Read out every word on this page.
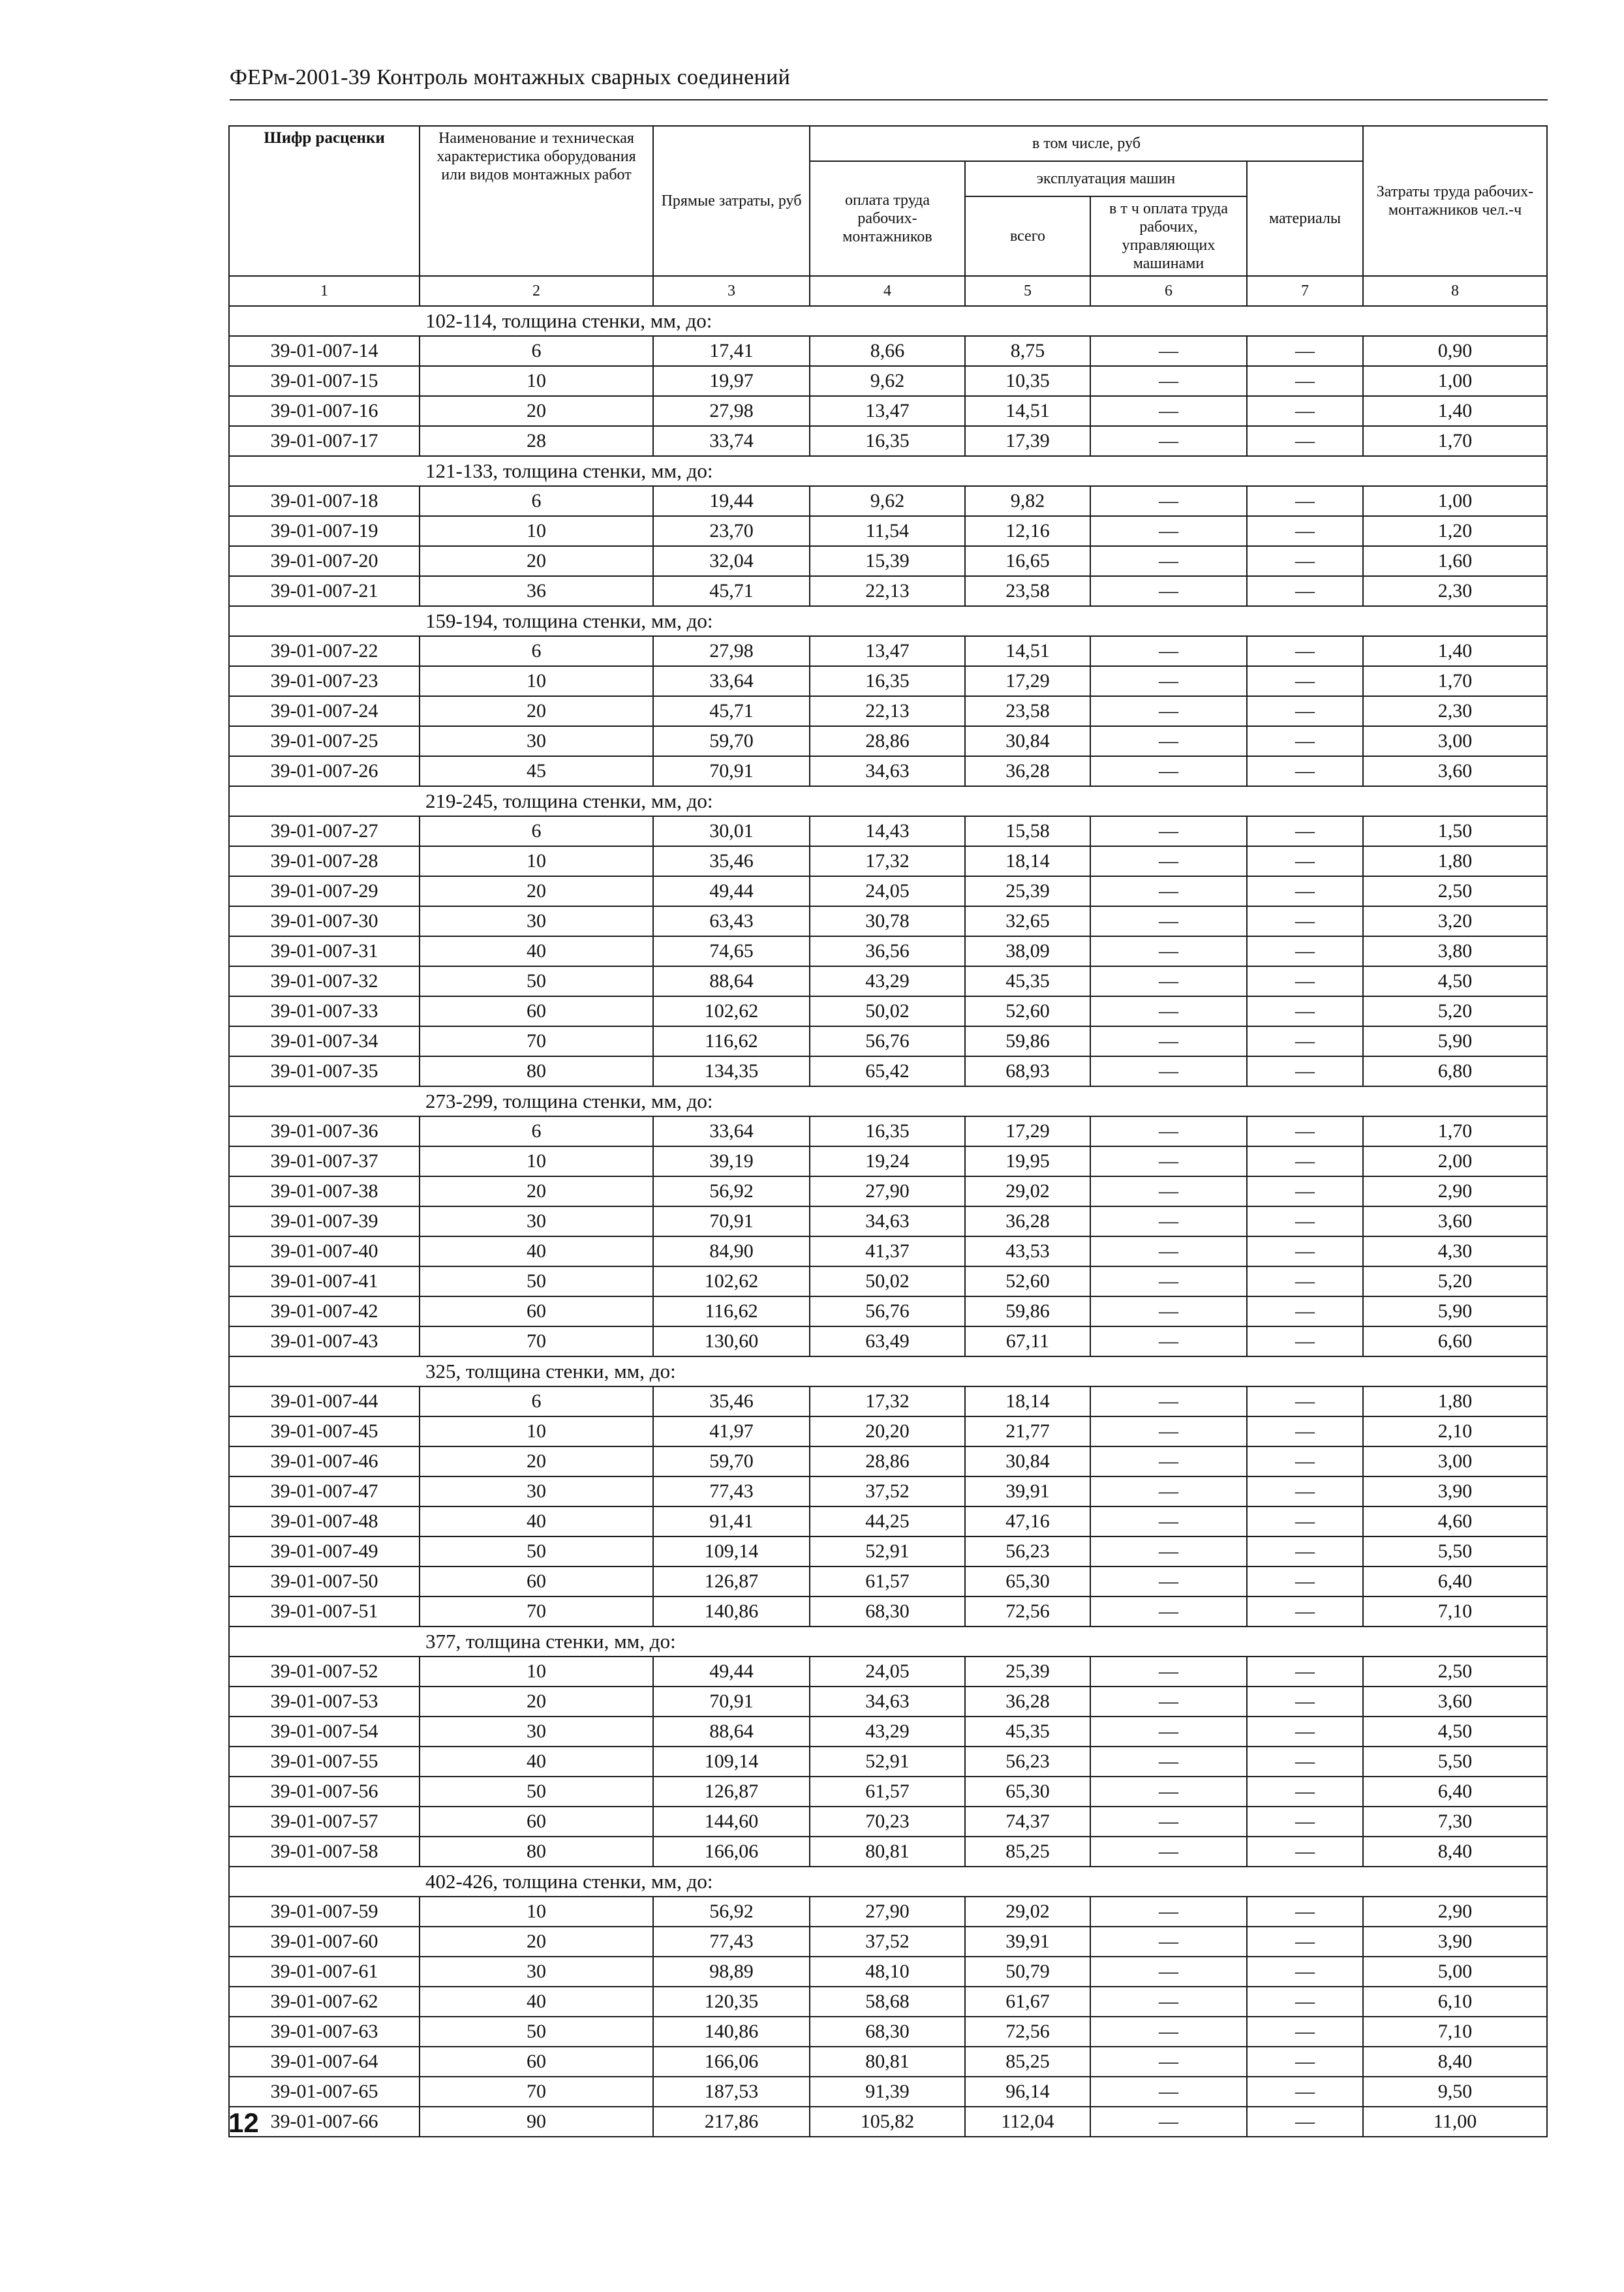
ФЕРм-2001-39 Контроль монтажных сварных соединений
Шифр расценки	Наименование и техническая характеристика оборудования или видов монтажных работ	Прямые затраты, руб	в том числе, руб				Затраты труда рабочих-монтажников чел.-ч
			оплата труда рабочих-монтажников	эксплуатация машин		материалы	
				всего	в т ч оплата труда рабочих, управляющих машинами		
1	2	3	4	5	6	7	8
102-114, толщина стенки, мм, до:							
39-01-007-14	6	17,41	8,66	8,75	—	—	0,90
39-01-007-15	10	19,97	9,62	10,35	—	—	1,00
39-01-007-16	20	27,98	13,47	14,51	—	—	1,40
39-01-007-17	28	33,74	16,35	17,39	—	—	1,70
121-133, толщина стенки, мм, до:							
39-01-007-18	6	19,44	9,62	9,82	—	—	1,00
39-01-007-19	10	23,70	11,54	12,16	—	—	1,20
39-01-007-20	20	32,04	15,39	16,65	—	—	1,60
39-01-007-21	36	45,71	22,13	23,58	—	—	2,30
159-194, толщина стенки, мм, до:							
39-01-007-22	6	27,98	13,47	14,51	—	—	1,40
39-01-007-23	10	33,64	16,35	17,29	—	—	1,70
39-01-007-24	20	45,71	22,13	23,58	—	—	2,30
39-01-007-25	30	59,70	28,86	30,84	—	—	3,00
39-01-007-26	45	70,91	34,63	36,28	—	—	3,60
219-245, толщина стенки, мм, до:							
39-01-007-27	6	30,01	14,43	15,58	—	—	1,50
39-01-007-28	10	35,46	17,32	18,14	—	—	1,80
39-01-007-29	20	49,44	24,05	25,39	—	—	2,50
39-01-007-30	30	63,43	30,78	32,65	—	—	3,20
39-01-007-31	40	74,65	36,56	38,09	—	—	3,80
39-01-007-32	50	88,64	43,29	45,35	—	—	4,50
39-01-007-33	60	102,62	50,02	52,60	—	—	5,20
39-01-007-34	70	116,62	56,76	59,86	—	—	5,90
39-01-007-35	80	134,35	65,42	68,93	—	—	6,80
273-299, толщина стенки, мм, до:							
39-01-007-36	6	33,64	16,35	17,29	—	—	1,70
39-01-007-37	10	39,19	19,24	19,95	—	—	2,00
39-01-007-38	20	56,92	27,90	29,02	—	—	2,90
39-01-007-39	30	70,91	34,63	36,28	—	—	3,60
39-01-007-40	40	84,90	41,37	43,53	—	—	4,30
39-01-007-41	50	102,62	50,02	52,60	—	—	5,20
39-01-007-42	60	116,62	56,76	59,86	—	—	5,90
39-01-007-43	70	130,60	63,49	67,11	—	—	6,60
325, толщина стенки, мм, до:							
39-01-007-44	6	35,46	17,32	18,14	—	—	1,80
39-01-007-45	10	41,97	20,20	21,77	—	—	2,10
39-01-007-46	20	59,70	28,86	30,84	—	—	3,00
39-01-007-47	30	77,43	37,52	39,91	—	—	3,90
39-01-007-48	40	91,41	44,25	47,16	—	—	4,60
39-01-007-49	50	109,14	52,91	56,23	—	—	5,50
39-01-007-50	60	126,87	61,57	65,30	—	—	6,40
39-01-007-51	70	140,86	68,30	72,56	—	—	7,10
377, толщина стенки, мм, до:							
39-01-007-52	10	49,44	24,05	25,39	—	—	2,50
39-01-007-53	20	70,91	34,63	36,28	—	—	3,60
39-01-007-54	30	88,64	43,29	45,35	—	—	4,50
39-01-007-55	40	109,14	52,91	56,23	—	—	5,50
39-01-007-56	50	126,87	61,57	65,30	—	—	6,40
39-01-007-57	60	144,60	70,23	74,37	—	—	7,30
39-01-007-58	80	166,06	80,81	85,25	—	—	8,40
402-426, толщина стенки, мм, до:							
39-01-007-59	10	56,92	27,90	29,02	—	—	2,90
39-01-007-60	20	77,43	37,52	39,91	—	—	3,90
39-01-007-61	30	98,89	48,10	50,79	—	—	5,00
39-01-007-62	40	120,35	58,68	61,67	—	—	6,10
39-01-007-63	50	140,86	68,30	72,56	—	—	7,10
39-01-007-64	60	166,06	80,81	85,25	—	—	8,40
39-01-007-65	70	187,53	91,39	96,14	—	—	9,50
39-01-007-66	90	217,86	105,82	112,04	—	—	11,00
12
